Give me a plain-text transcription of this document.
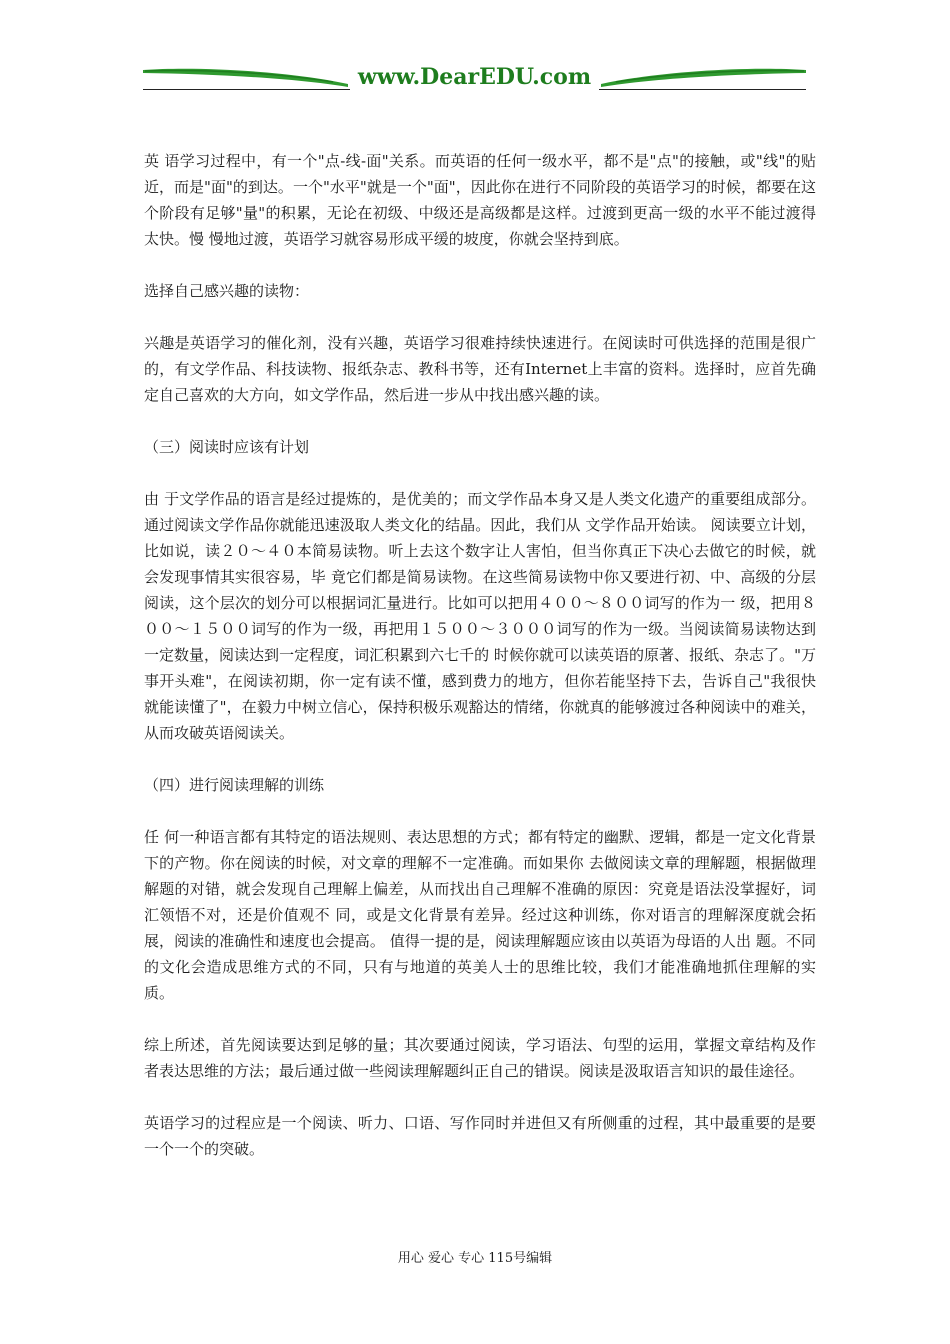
www.DearEDU.com

英 语学习过程中，有一个"点-线-面"关系。而英语的任何一级水平，都不是"点"的接触，或"线"的贴近，而是"面"的到达。一个"水平"就是一个"面"，因此你在进行不同阶段的英语学习的时候，都要在这个阶段有足够"量"的积累，无论在初级、中级还是高级都是这样。过渡到更高一级的水平不能过渡得太快。慢 慢地过渡，英语学习就容易形成平缓的坡度，你就会坚持到底。

选择自己感兴趣的读物：

兴趣是英语学习的催化剂，没有兴趣，英语学习很难持续快速进行。在阅读时可供选择的范围是很广的，有文学作品、科技读物、报纸杂志、教科书等，还有Internet上丰富的资料。选择时，应首先确定自己喜欢的大方向，如文学作品，然后进一步从中找出感兴趣的读。

（三）阅读时应该有计划

由 于文学作品的语言是经过提炼的，是优美的；而文学作品本身又是人类文化遗产的重要组成部分。通过阅读文学作品你就能迅速汲取人类文化的结晶。因此，我们从 文学作品开始读。 阅读要立计划，比如说，读２０～４０本简易读物。听上去这个数字让人害怕，但当你真正下决心去做它的时候，就会发现事情其实很容易，毕 竟它们都是简易读物。在这些简易读物中你又要进行初、中、高级的分层阅读，这个层次的划分可以根据词汇量进行。比如可以把用４００～８００词写的作为一 级，把用８００～１５００词写的作为一级，再把用１５００～３０００词写的作为一级。当阅读简易读物达到一定数量，阅读达到一定程度，词汇积累到六七千的 时候你就可以读英语的原著、报纸、杂志了。"万事开头难"，在阅读初期，你一定有读不懂，感到费力的地方，但你若能坚持下去，告诉自己"我很快就能读懂了"，在毅力中树立信心，保持积极乐观豁达的情绪，你就真的能够渡过各种阅读中的难关，从而攻破英语阅读关。

（四）进行阅读理解的训练

任 何一种语言都有其特定的语法规则、表达思想的方式；都有特定的幽默、逻辑，都是一定文化背景下的产物。你在阅读的时候，对文章的理解不一定准确。而如果你 去做阅读文章的理解题，根据做理解题的对错，就会发现自己理解上偏差，从而找出自己理解不准确的原因：究竟是语法没掌握好，词汇领悟不对，还是价值观不 同，或是文化背景有差异。经过这种训练，你对语言的理解深度就会拓展，阅读的准确性和速度也会提高。 值得一提的是，阅读理解题应该由以英语为母语的人出 题。不同的文化会造成思维方式的不同，只有与地道的英美人士的思维比较，我们才能准确地抓住理解的实质。

综上所述，首先阅读要达到足够的量；其次要通过阅读，学习语法、句型的运用，掌握文章结构及作者表达思维的方法；最后通过做一些阅读理解题纠正自己的错误。阅读是汲取语言知识的最佳途径。

英语学习的过程应是一个阅读、听力、口语、写作同时并进但又有所侧重的过程，其中最重要的是要一个一个的突破。

用心 爱心 专心 115号编辑
